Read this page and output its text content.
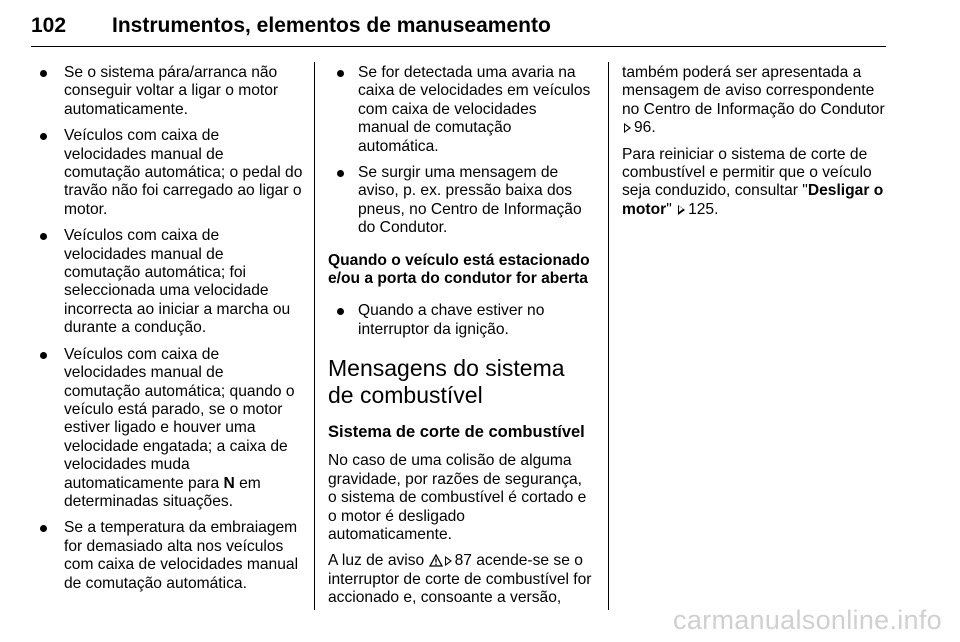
102 Instrumentos, elementos de manuseamento
Se o sistema pára/arranca não conseguir voltar a ligar o motor automaticamente.
Veículos com caixa de velocidades manual de comutação automática; o pedal do travão não foi carregado ao ligar o motor.
Veículos com caixa de velocidades manual de comutação automática; foi seleccionada uma velocidade incorrecta ao iniciar a marcha ou durante a condução.
Veículos com caixa de velocidades manual de comutação automática; quando o veículo está parado, se o motor estiver ligado e houver uma velocidade engatada; a caixa de velocidades muda automaticamente para N em determinadas situações.
Se a temperatura da embraiagem for demasiado alta nos veículos com caixa de velocidades manual de comutação automática.
Se for detectada uma avaria na caixa de velocidades em veículos com caixa de velocidades manual de comutação automática.
Se surgir uma mensagem de aviso, p. ex. pressão baixa dos pneus, no Centro de Informação do Condutor.
Quando o veículo está estacionado e/ou a porta do condutor for aberta
Quando a chave estiver no interruptor da ignição.
Mensagens do sistema de combustível
Sistema de corte de combustível

No caso de uma colisão de alguma gravidade, por razões de segurança, o sistema de combustível é cortado e o motor é desligado automaticamente.

A luz de aviso 87 acende-se se o interruptor de corte de combustível for accionado e, consoante a versão,

também poderá ser apresentada a mensagem de aviso correspondente no Centro de Informação do Condutor 96.

Para reiniciar o sistema de corte de combustível e permitir que o veículo seja conduzido, consultar "Desligar o motor" 125.

carmanualsonline.info
